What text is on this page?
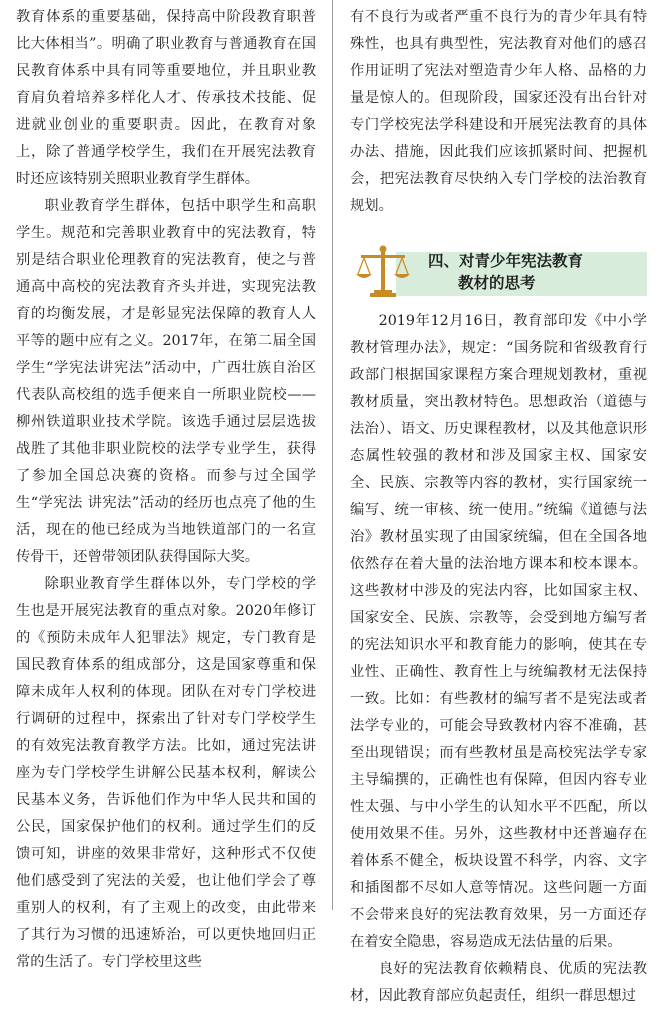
教育体系的重要基础，保持高中阶段教育职普比大体相当”。明确了职业教育与普通教育在国民教育体系中具有同等重要地位，并且职业教育肩负着培养多样化人才、传承技术技能、促进就业创业的重要职责。因此，在教育对象上，除了普通学校学生，我们在开展宪法教育时还应该特别关照职业教育学生群体。

职业教育学生群体，包括中职学生和高职学生。规范和完善职业教育中的宪法教育，特别是结合职业伦理教育的宪法教育，使之与普通高中高校的宪法教育齐头并进，实现宪法教育的均衡发展，才是彰显宪法保障的教育人人平等的题中应有之义。2017年，在第二届全国学生“学宪法讲宪法”活动中，广西壮族自治区代表队高校组的选手便来自一所职业院校——柳州铁道职业技术学院。该选手通过层层选拔战胜了其他非职业院校的法学专业学生，获得了参加全国总决赛的资格。而参与过全国学生“学宪法 讲宪法”活动的经历也点亮了他的生活，现在的他已经成为当地铁道部门的一名宣传骨干，还曾带领团队获得国际大奖。

除职业教育学生群体以外，专门学校的学生也是开展宪法教育的重点对象。2020年修订的《预防未成年人犯罪法》规定，专门教育是国民教育体系的组成部分，这是国家尊重和保障未成年人权利的体现。团队在对专门学校进行调研的过程中，探索出了针对专门学校学生的有效宪法教育教学方法。比如，通过宪法讲座为专门学校学生讲解公民基本权利，解读公民基本义务，告诉他们作为中华人民共和国的公民，国家保护他们的权利。通过学生们的反馈可知，讲座的效果非常好，这种形式不仅使他们感受到了宪法的关爱，也让他们学会了尊重别人的权利，有了主观上的改变，由此带来了其行为习惯的迅速矫治，可以更快地回归正常的生活了。专门学校里这些

有不良行为或者严重不良行为的青少年具有特殊性，也具有典型性，宪法教育对他们的感召作用证明了宪法对塑造青少年人格、品格的力量是惊人的。但现阶段，国家还没有出台针对专门学校宪法学科建设和开展宪法教育的具体办法、措施，因此我们应该抓紧时间、把握机会，把宪法教育尽快纳入专门学校的法治教育规划。

四、对青少年宪法教育
教材的思考

2019年12月16日，教育部印发《中小学教材管理办法》，规定：“国务院和省级教育行政部门根据国家课程方案合理规划教材，重视教材质量，突出教材特色。思想政治（道德与法治）、语文、历史课程教材，以及其他意识形态属性较强的教材和涉及国家主权、国家安全、民族、宗教等内容的教材，实行国家统一编写、统一审核、统一使用。”统编《道德与法治》教材虽实现了由国家统编，但在全国各地依然存在着大量的法治地方课本和校本课本。这些教材中涉及的宪法内容，比如国家主权、国家安全、民族、宗教等，会受到地方编写者的宪法知识水平和教育能力的影响，使其在专业性、正确性、教育性上与统编教材无法保持一致。比如：有些教材的编写者不是宪法或者法学专业的，可能会导致教材内容不准确，甚至出现错误；而有些教材虽是高校宪法学专家主导编撰的，正确性也有保障，但因内容专业性太强、与中小学生的认知水平不匹配，所以使用效果不佳。另外，这些教材中还普遍存在着体系不健全，板块设置不科学，内容、文字和插图都不尽如人意等情况。这些问题一方面不会带来良好的宪法教育效果，另一方面还存在着安全隐患，容易造成无法估量的后果。

良好的宪法教育依赖精良、优质的宪法教材，因此教育部应负起责任，组织一群思想过
